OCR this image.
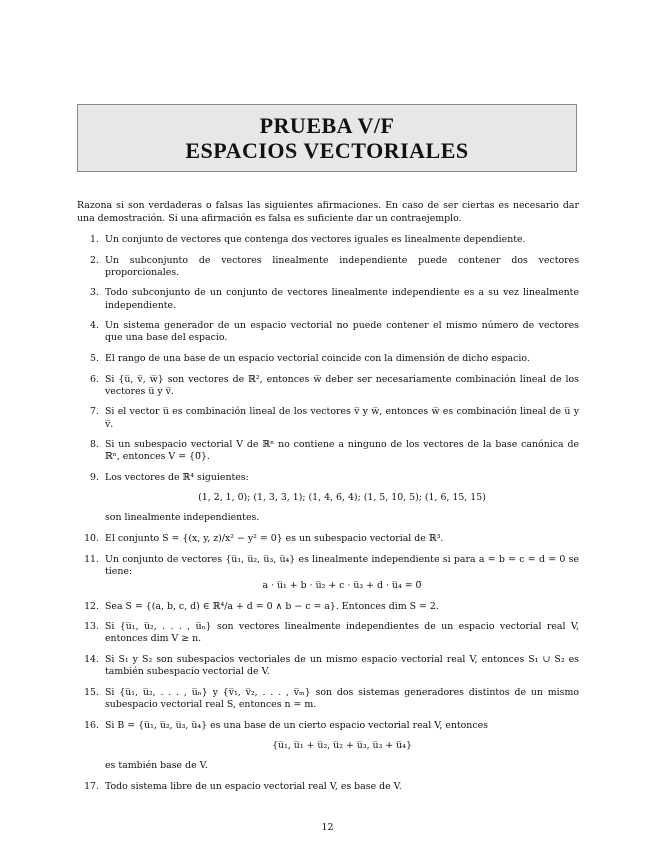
PRUEBA V/F
ESPACIOS VECTORIALES

Razona si son verdaderas o falsas las siguientes afirmaciones. En caso de ser ciertas es necesario dar una demostración. Si una afirmación es falsa es suficiente dar un contraejemplo.

1. Un conjunto de vectores que contenga dos vectores iguales es linealmente dependiente.
2. Un subconjunto de vectores linealmente independiente puede contener dos vectores proporcionales.
3. Todo subconjunto de un conjunto de vectores linealmente independiente es a su vez linealmente independiente.
4. Un sistema generador de un espacio vectorial no puede contener el mismo número de vectores que una base del espacio.
5. El rango de una base de un espacio vectorial coincide con la dimensión de dicho espacio.
6. Si {u̅, v̅, w̅} son vectores de ℝ², entonces w̅ deber ser necesariamente combinación lineal de los vectores u̅ y v̅.
7. Si el vector u̅ es combinación lineal de los vectores v̅ y w̅, entonces w̅ es combinación lineal de u̅ y v̅.
8. Si un subespacio vectorial V de ℝⁿ no contiene a ninguno de los vectores de la base canónica de ℝⁿ, entonces V = {0̅}.
9. Los vectores de ℝ⁴ siguientes:
(1, 2, 1, 0); (1, 3, 3, 1); (1, 4, 6, 4); (1, 5, 10, 5); (1, 6, 15, 15)
son linealmente independientes.
10. El conjunto S = {(x, y, z)/x² − y² = 0} es un subespacio vectorial de ℝ³.
11. Un conjunto de vectores {u̅₁, u̅₂, u̅₃, u̅₄} es linealmente independiente si para a = b = c = d = 0 se tiene:
a · u̅₁ + b · u̅₂ + c · u̅₃ + d · u̅₄ = 0̅
12. Sea S = {(a, b, c, d) ∈ ℝ⁴/a + d = 0 ∧ b − c = a}. Entonces dim S = 2.
13. Si {u̅₁, u̅₂, . . . , u̅ₙ} son vectores linealmente independientes de un espacio vectorial real V, entonces dim V ≥ n.
14. Si S₁ y S₂ son subespacios vectoriales de un mismo espacio vectorial real V, entonces S₁ ∪ S₂ es también subespacio vectorial de V.
15. Si {u̅₁, u̅₂, . . . , u̅ₙ} y {v̅₁, v̅₂, . . . , v̅ₘ} son dos sistemas generadores distintos de un mismo subespacio vectorial real S, entonces n = m.
16. Si B = {u̅₁, u̅₂, u̅₃, u̅₄} es una base de un cierto espacio vectorial real V, entonces
{u̅₁, u̅₁ + u̅₂, u̅₂ + u̅₃, u̅₃ + u̅₄}
es también base de V.
17. Todo sistema libre de un espacio vectorial real V, es base de V.
12
